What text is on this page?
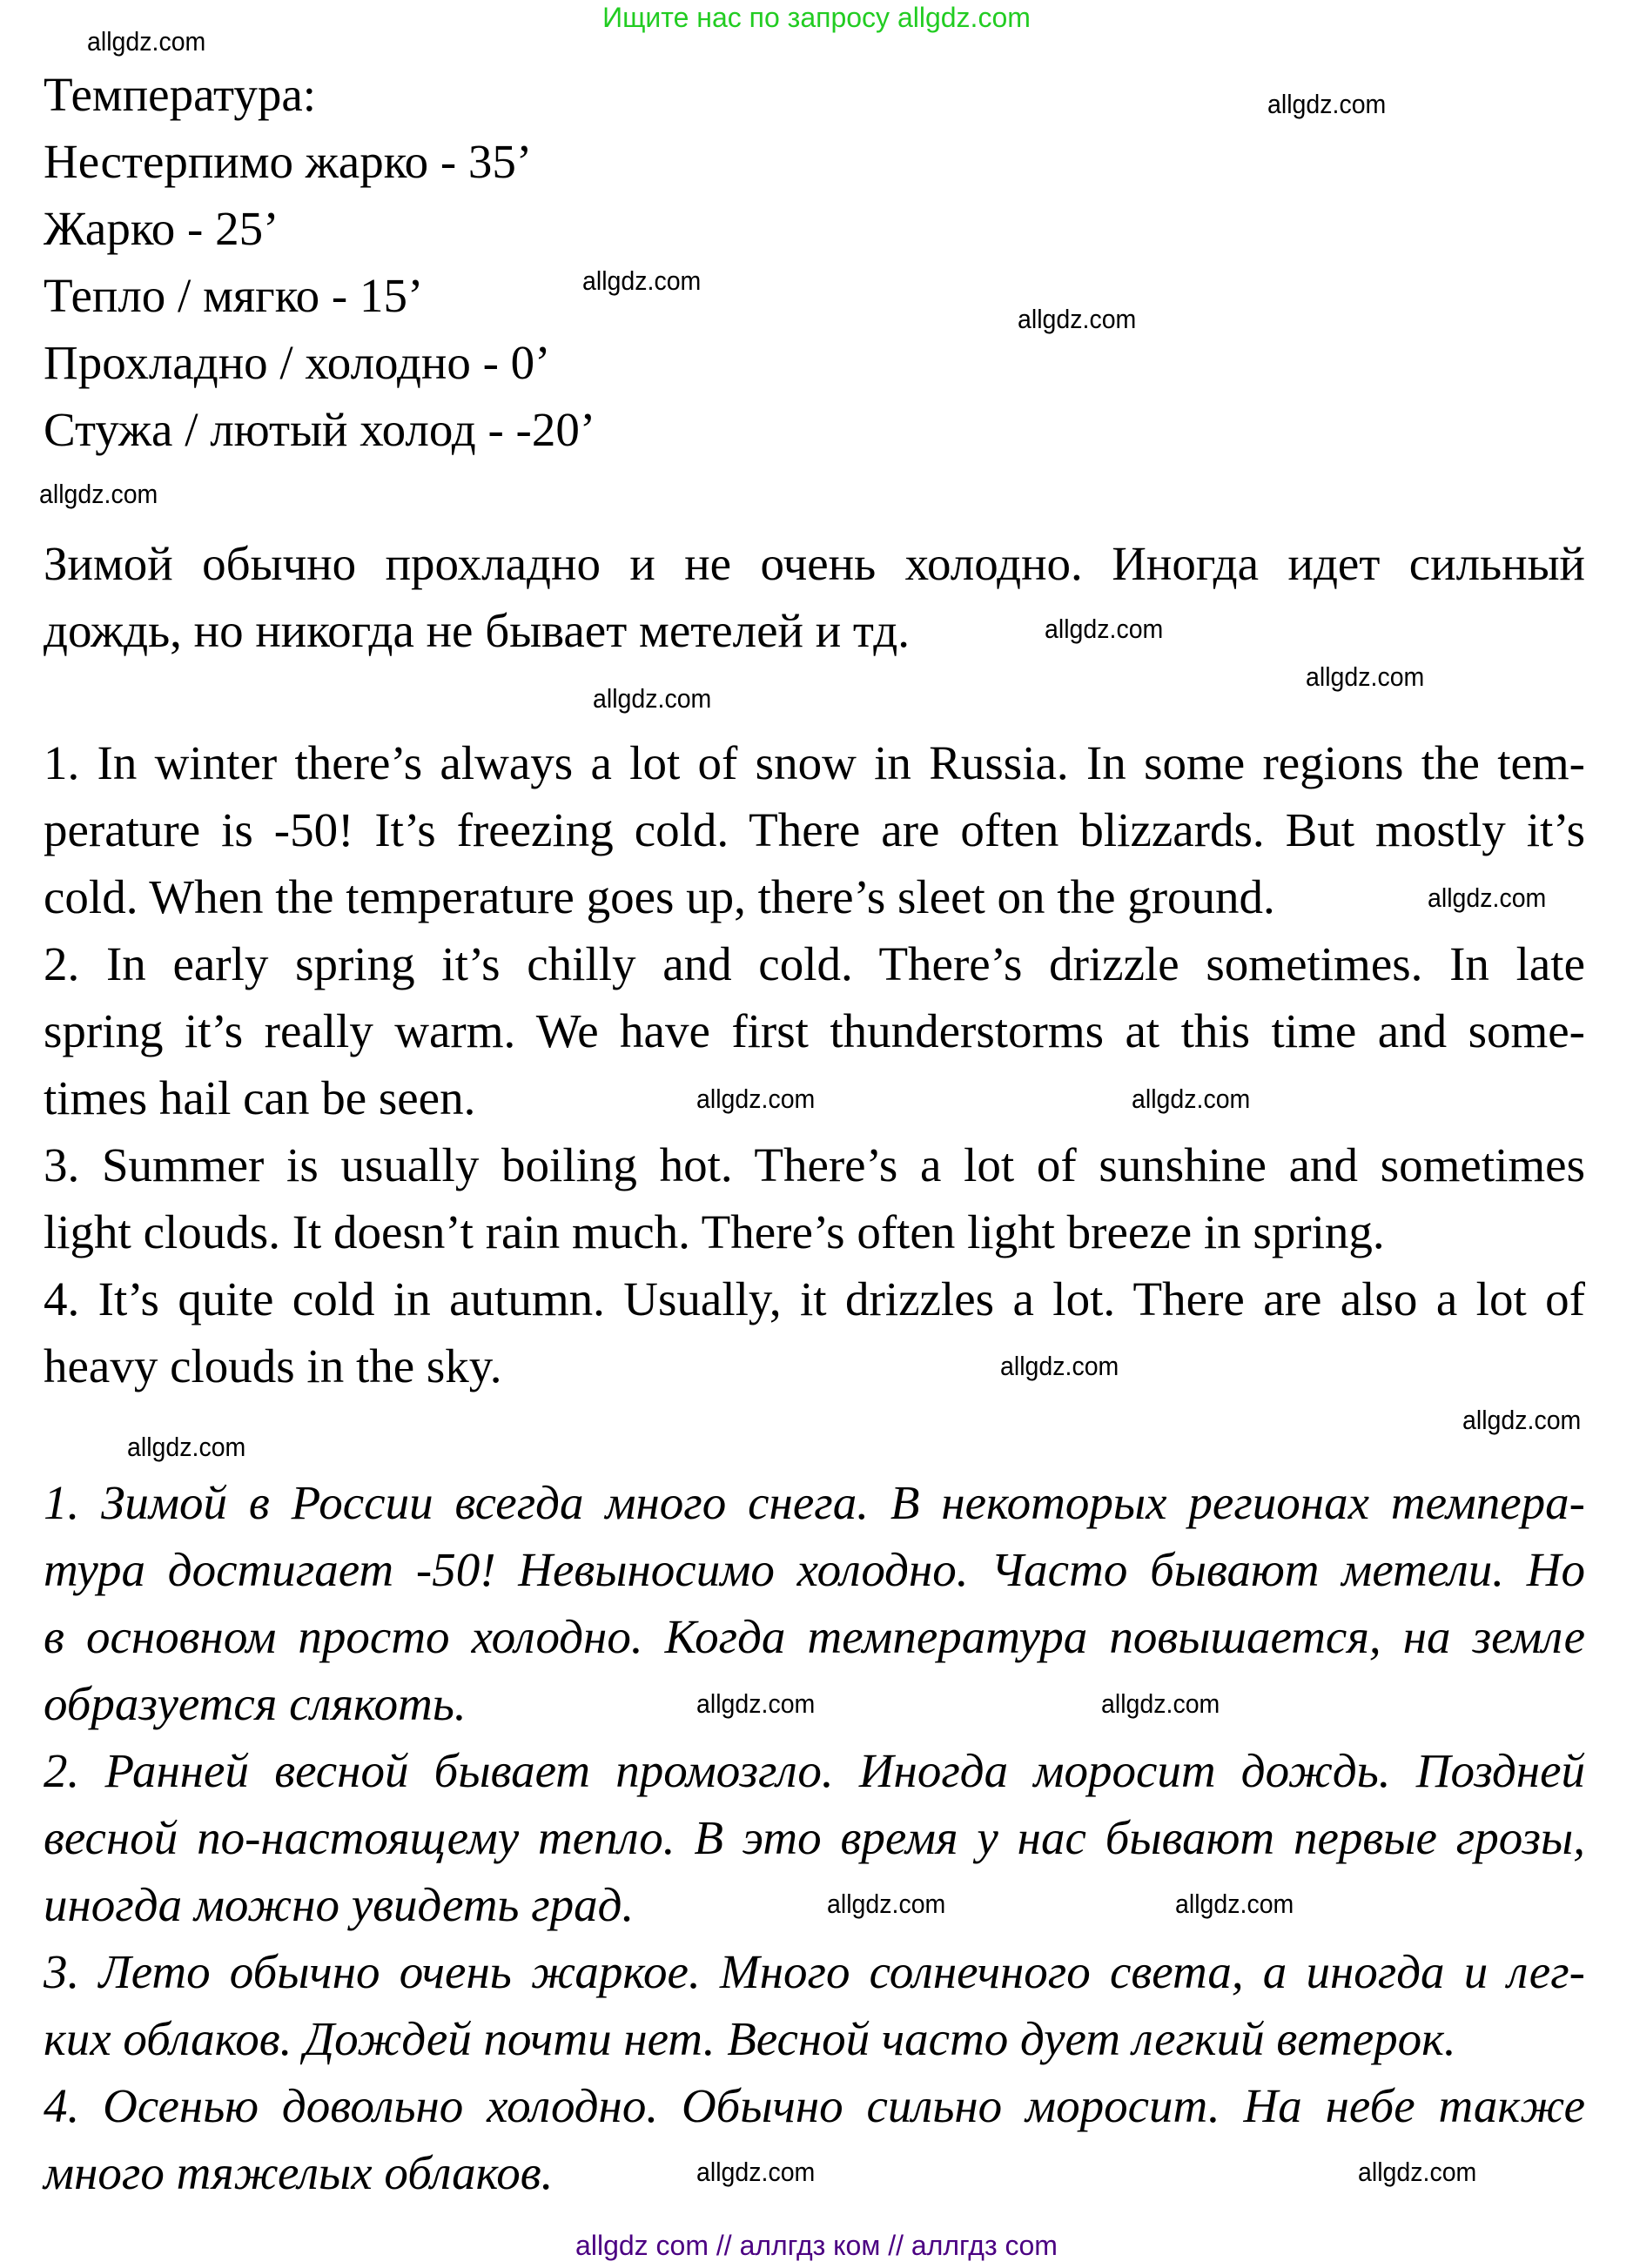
Ищите нас по запросу allgdz.com
Температура:
Нестерпимо жарко - 35’
Жарко - 25’
Тепло / мягко - 15’
Прохладно / холодно - 0’
Стужа / лютый холод - -20’
Зимой обычно прохладно и не очень холодно. Иногда идет сильный
дождь, но никогда не бывает метелей и тд.
1. In winter there’s always a lot of snow in Russia. In some regions the tem-
perature is -50! It’s freezing cold. There are often blizzards. But mostly it’s
cold. When the temperature goes up, there’s sleet on the ground.
2. In early spring it’s chilly and cold. There’s drizzle sometimes. In late
spring it’s really warm. We have first thunderstorms at this time and some-
times hail can be seen.
3. Summer is usually boiling hot. There’s a lot of sunshine and sometimes
light clouds. It doesn’t rain much. There’s often light breeze in spring.
4. It’s quite cold in autumn. Usually, it drizzles a lot. There are also a lot of
heavy clouds in the sky.
1. Зимой в России всегда много снега. В некоторых регионах темпера-
тура достигает -50! Невыносимо холодно. Часто бывают метели. Но
в основном просто холодно. Когда температура повышается, на земле
образуется слякоть.
2. Ранней весной бывает промозгло. Иногда моросит дождь. Поздней
весной по-настоящему тепло. В это время у нас бывают первые грозы,
иногда можно увидеть град.
3. Лето обычно очень жаркое. Много солнечного света, а иногда и лег-
ких облаков. Дождей почти нет. Весной часто дует легкий ветерок.
4. Осенью довольно холодно. Обычно сильно моросит. На небе также
много тяжелых облаков.
allgdz.com
allgdz.com
allgdz.com
allgdz.com
allgdz.com
allgdz.com
allgdz.com
allgdz.com
allgdz.com
allgdz.com	allgdz.com
allgdz.com
allgdz.com
allgdz.com
allgdz.com	allgdz.com
allgdz.com
allgdz.com
allgdz.com	allgdz.com
allgdz com // аллгдз ком // аллгдз com
